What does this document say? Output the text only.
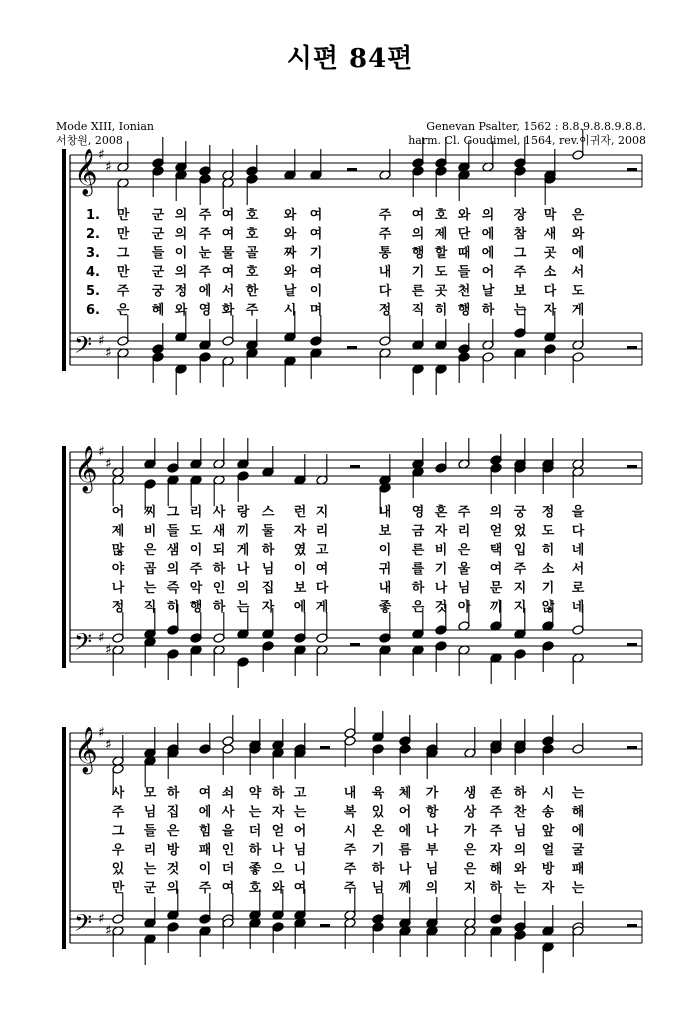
시편 84편
Mode XIII, Ionian
서창원, 2008
Genevan Psalter, 1562 : 8.8.9.8.8.9.8.8.
harm. Cl. Goudimel, 1564, rev.이귀자, 2008
𝄞 ♯
♯
𝄢 ♯
♯
𝄞 ♯
♯
𝄢 ♯
♯
𝄞 ♯
♯
𝄢 ♯
♯
1.	만	군 의 주 여 호	와	여	주	여 호 와 의	장	막	은
2.	만	군 의 주 여 호	와	여	주	의 제 단 에	참	새	와
3.	그	들 이 눈 물 골	짜	기	통	행 할 때 에	그	곳	에
4.	만	군 의 주 여 호	와	여	내	기 도 들 어	주	소	서
5.	주	궁 정 에 서 한	날	이	다	른 곳 천 날	보	다	도
6.	은	혜 와 영 화 주	시	며	정	직 히 행 하	는	자	게
어	찌 그 리 사 랑 스	런 지	내	영 혼 주	의 궁	정	을
제	비 들 도 새 끼 둘	자 리	보	금 자 리	얻 었	도	다
많	은 샘 이 되 게 하	였 고	이	른 비 은	택 입	히	네
야	곱 의 주 하 나 님	이 여	귀	를 기 울	여 주	소	서
나	는 즉 악 인 의 집	보 다	내	하 나 님	문 지	기	로
정	직 히 행 하 는 자	에 게	좋	은 것 아	끼 지	않	네
사	모 하	여 쇠	약 하 고	내	육	체	가	생	존 하	시	는
주	님 집	에 사	는 자 는	복	있	어	항	상	주 찬	송	해
그	들 은	힘 을	더 얻 어	시	온	에	나	가	주 님	앞	에
우	리 방	패 인	하 나 님	주	기	름	부	은	자 의	얼	굴
있	는 것	이 더	좋 으 니	주	하	나	님	은	해 와	방	패
만	군 의	주 여	호 와 여	주	님	께	의	지	하 는	자	는
